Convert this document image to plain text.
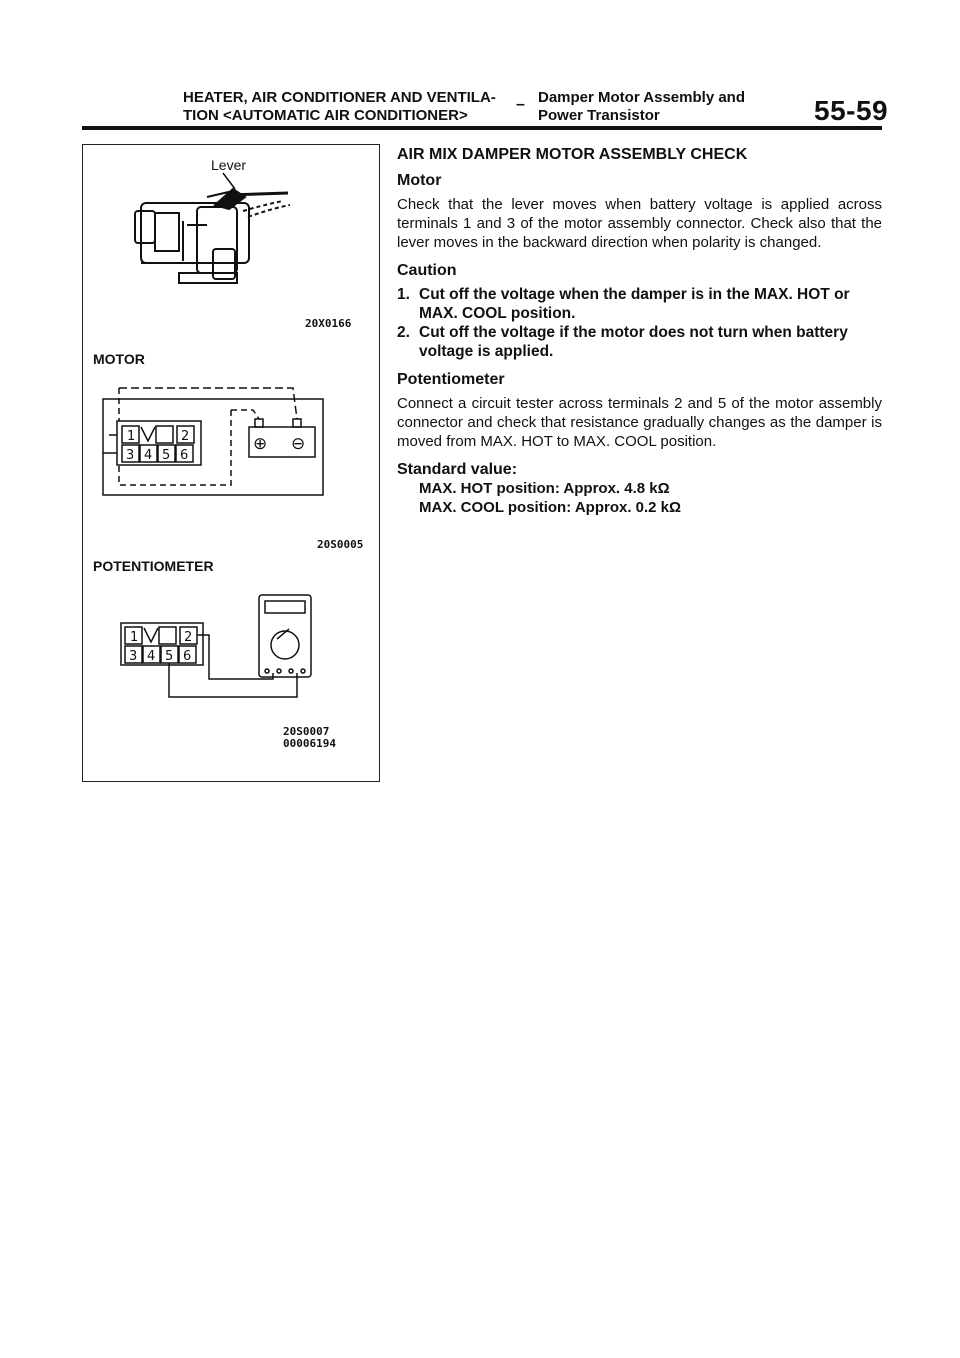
HEATER, AIR CONDITIONER AND VENTILA-
TION <AUTOMATIC AIR CONDITIONER>
– Damper Motor Assembly and
Power Transistor	55-59
1	2
3 4 5 6
⊕ ⊖
1	2
3 4 5 6
Lever
20X0166
MOTOR
20S0005
POTENTIOMETER
20S0007
00006194
AIR MIX DAMPER MOTOR ASSEMBLY CHECK
Motor

Check that the lever moves when battery voltage is applied across terminals 1 and 3 of the motor assembly connector. Check also that the lever moves in the backward direction when polarity is changed.

Caution
1. Cut off the voltage when the damper is in the MAX. HOT or MAX. COOL position.
2. Cut off the voltage if the motor does not turn when battery voltage is applied.
Potentiometer

Connect a circuit tester across terminals 2 and 5 of the motor assembly connector and check that resistance gradually changes as the damper is moved from MAX. HOT to MAX. COOL position.

Standard value:

MAX. HOT position: Approx. 4.8 kΩ

MAX. COOL position: Approx. 0.2 kΩ
